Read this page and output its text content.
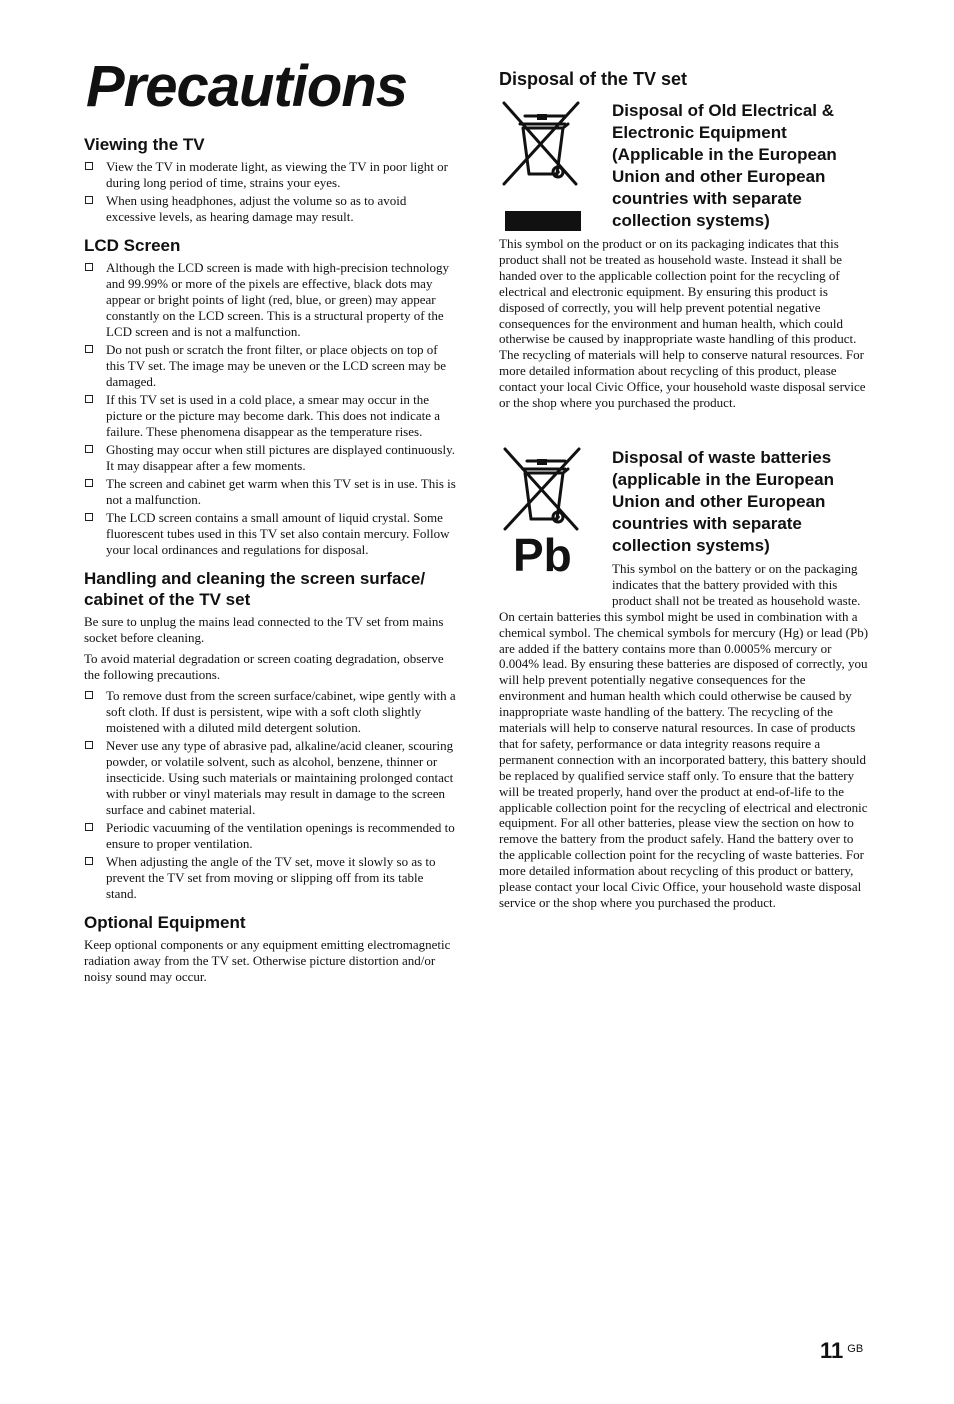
Precautions
Viewing the TV
View the TV in moderate light, as viewing the TV in poor light or during long period of time, strains your eyes.
When using headphones, adjust the volume so as to avoid excessive levels, as hearing damage may result.
LCD Screen
Although the LCD screen is made with high-precision technology and 99.99% or more of the pixels are effective, black dots may appear or bright points of light (red, blue, or green) may appear constantly on the LCD screen. This is a structural property of the LCD screen and is not a malfunction.
Do not push or scratch the front filter, or place objects on top of this TV set. The image may be uneven or the LCD screen may be damaged.
If this TV set is used in a cold place, a smear may occur in the picture or the picture may become dark. This does not indicate a failure. These phenomena disappear as the temperature rises.
Ghosting may occur when still pictures are displayed continuously. It may disappear after a few moments.
The screen and cabinet get warm when this TV set is in use. This is not a malfunction.
The LCD screen contains a small amount of liquid crystal. Some fluorescent tubes used in this TV set also contain mercury. Follow your local ordinances and regulations for disposal.
Handling and cleaning the screen surface/ cabinet of the TV set

Be sure to unplug the mains lead connected to the TV set from mains socket before cleaning.

To avoid material degradation or screen coating degradation, observe the following precautions.

To remove dust from the screen surface/cabinet, wipe gently with a soft cloth. If dust is persistent, wipe with a soft cloth slightly moistened with a diluted mild detergent solution.
Never use any type of abrasive pad, alkaline/acid cleaner, scouring powder, or volatile solvent, such as alcohol, benzene, thinner or insecticide. Using such materials or maintaining prolonged contact with rubber or vinyl materials may result in damage to the screen surface and cabinet material.
Periodic vacuuming of the ventilation openings is recommended to ensure to proper ventilation.
When adjusting the angle of the TV set, move it slowly so as to prevent the TV set from moving or slipping off from its table stand.
Optional Equipment

Keep optional components or any equipment emitting electromagnetic radiation away from the TV set. Otherwise picture distortion and/or noisy sound may occur.

Disposal of the TV set
Disposal of Old Electrical & Electronic Equipment (Applicable in the European Union and other European countries with separate collection systems)

This symbol on the product or on its packaging indicates that this product shall not be treated as household waste. Instead it shall be handed over to the applicable collection point for the recycling of electrical and electronic equipment. By ensuring this product is disposed of correctly, you will help prevent potential negative consequences for the environment and human health, which could otherwise be caused by inappropriate waste handling of this product. The recycling of materials will help to conserve natural resources. For more detailed information about recycling of this product, please contact your local Civic Office, your household waste disposal service or the shop where you purchased the product.

Pb
Disposal of waste batteries (applicable in the European Union and other European countries with separate collection systems)

This symbol on the battery or on the packaging indicates that the battery provided with this product shall not be treated as household waste. On certain batteries this symbol might be used in combination with a chemical symbol. The chemical symbols for mercury (Hg) or lead (Pb) are added if the battery contains more than 0.0005% mercury or 0.004% lead. By ensuring these batteries are disposed of correctly, you will help prevent potentially negative consequences for the environment and human health which could otherwise be caused by inappropriate waste handling of the battery. The recycling of the materials will help to conserve natural resources. In case of products that for safety, performance or data integrity reasons require a permanent connection with an incorporated battery, this battery should be replaced by qualified service staff only. To ensure that the battery will be treated properly, hand over the product at end-of-life to the applicable collection point for the recycling of electrical and electronic equipment. For all other batteries, please view the section on how to remove the battery from the product safely. Hand the battery over to the applicable collection point for the recycling of waste batteries. For more detailed information about recycling of this product or battery, please contact your local Civic Office, your household waste disposal service or the shop where you purchased the product.

11 $^{GB}$
